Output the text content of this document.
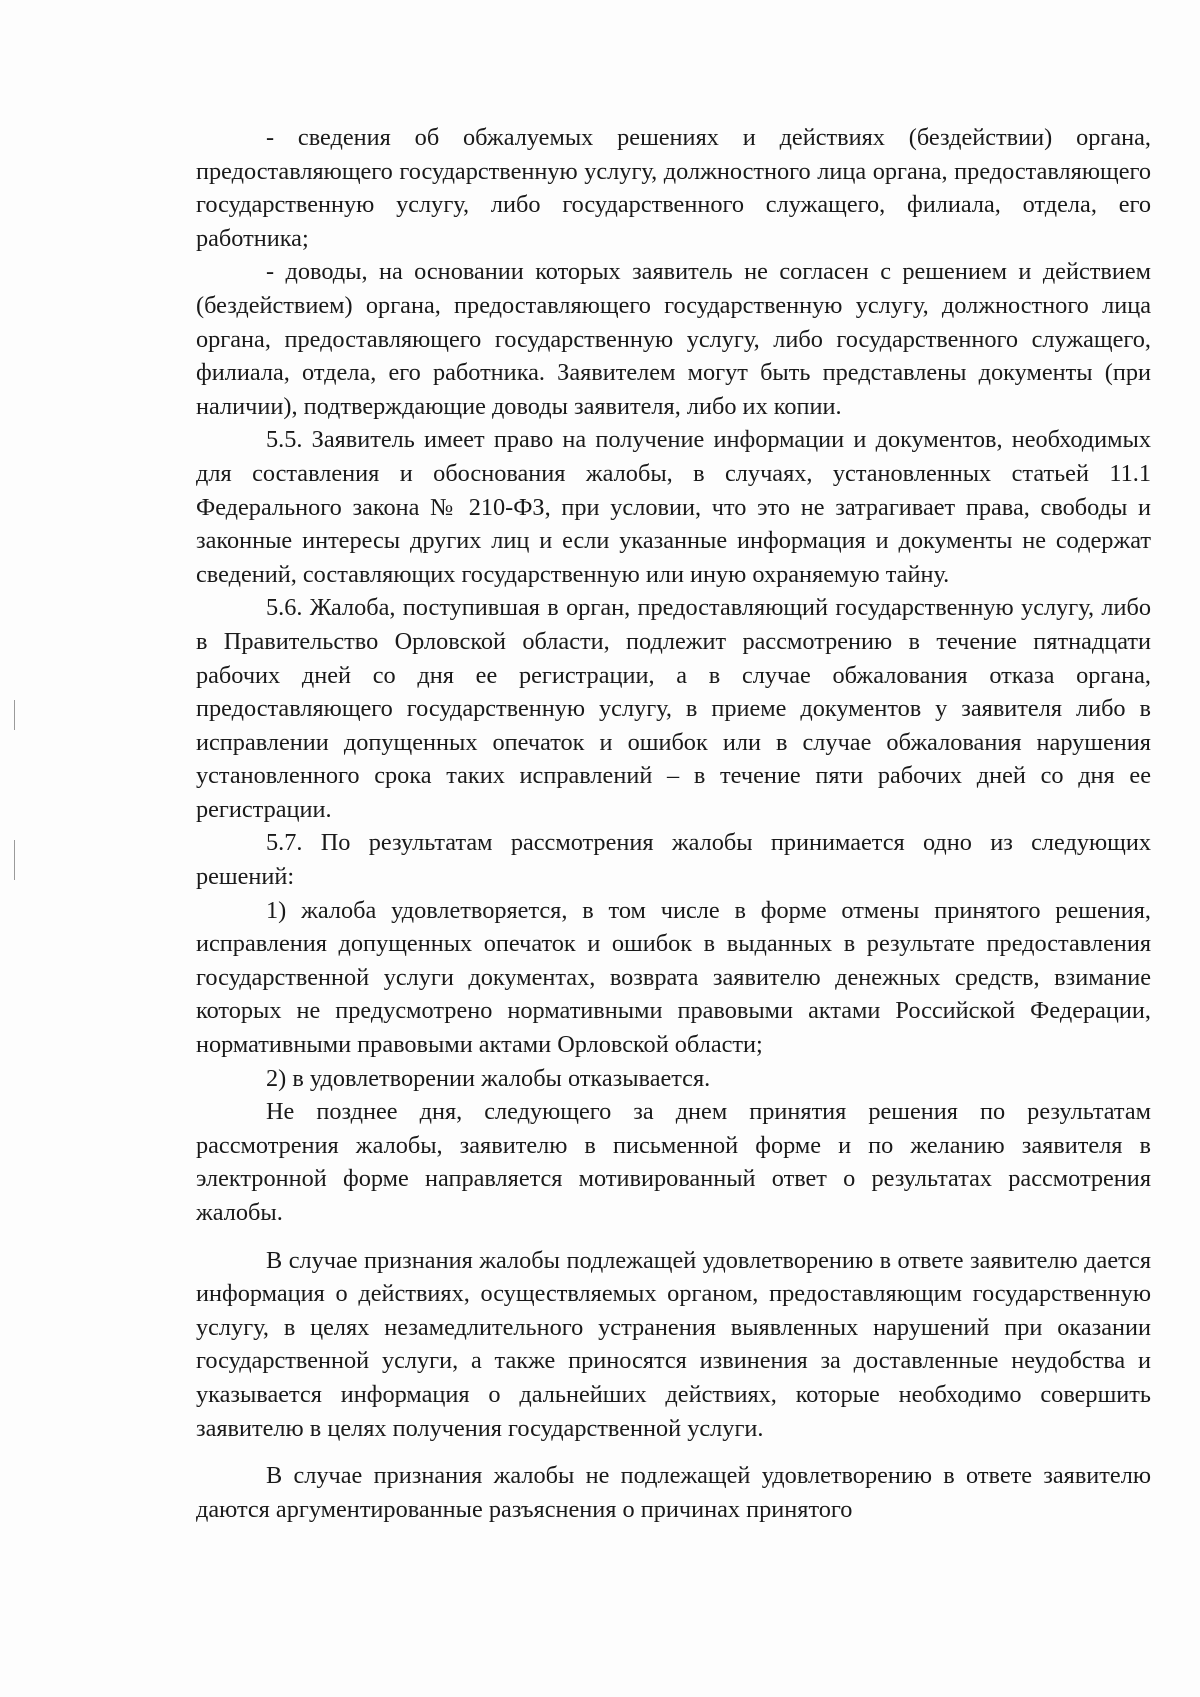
- сведения об обжалуемых решениях и действиях (бездействии) органа, предоставляющего государственную услугу, должностного лица органа, предоставляющего государственную услугу, либо государственного служащего, филиала, отдела, его работника;

- доводы, на основании которых заявитель не согласен с решением и действием (бездействием) органа, предоставляющего государственную услугу, должностного лица органа, предоставляющего государственную услугу, либо государственного служащего, филиала, отдела, его работника. Заявителем могут быть представлены документы (при наличии), подтверждающие доводы заявителя, либо их копии.

5.5. Заявитель имеет право на получение информации и документов, необходимых для составления и обоснования жалобы, в случаях, установленных статьей 11.1 Федерального закона № 210-ФЗ, при условии, что это не затрагивает права, свободы и законные интересы других лиц и если указанные информация и документы не содержат сведений, составляющих государственную или иную охраняемую тайну.

5.6. Жалоба, поступившая в орган, предоставляющий государственную услугу, либо в Правительство Орловской области, подлежит рассмотрению в течение пятнадцати рабочих дней со дня ее регистрации, а в случае обжалования отказа органа, предоставляющего государственную услугу, в приеме документов у заявителя либо в исправлении допущенных опечаток и ошибок или в случае обжалования нарушения установленного срока таких исправлений – в течение пяти рабочих дней со дня ее регистрации.

5.7. По результатам рассмотрения жалобы принимается одно из следующих решений:

1) жалоба удовлетворяется, в том числе в форме отмены принятого решения, исправления допущенных опечаток и ошибок в выданных в результате предоставления государственной услуги документах, возврата заявителю денежных средств, взимание которых не предусмотрено нормативными правовыми актами Российской Федерации, нормативными правовыми актами Орловской области;

2) в удовлетворении жалобы отказывается.

Не позднее дня, следующего за днем принятия решения по результатам рассмотрения жалобы, заявителю в письменной форме и по желанию заявителя в электронной форме направляется мотивированный ответ о результатах рассмотрения жалобы.

В случае признания жалобы подлежащей удовлетворению в ответе заявителю дается информация о действиях, осуществляемых органом, предоставляющим государственную услугу, в целях незамедлительного устранения выявленных нарушений при оказании государственной услуги, а также приносятся извинения за доставленные неудобства и указывается информация о дальнейших действиях, которые необходимо совершить заявителю в целях получения государственной услуги.

В случае признания жалобы не подлежащей удовлетворению в ответе заявителю даются аргументированные разъяснения о причинах принятого
